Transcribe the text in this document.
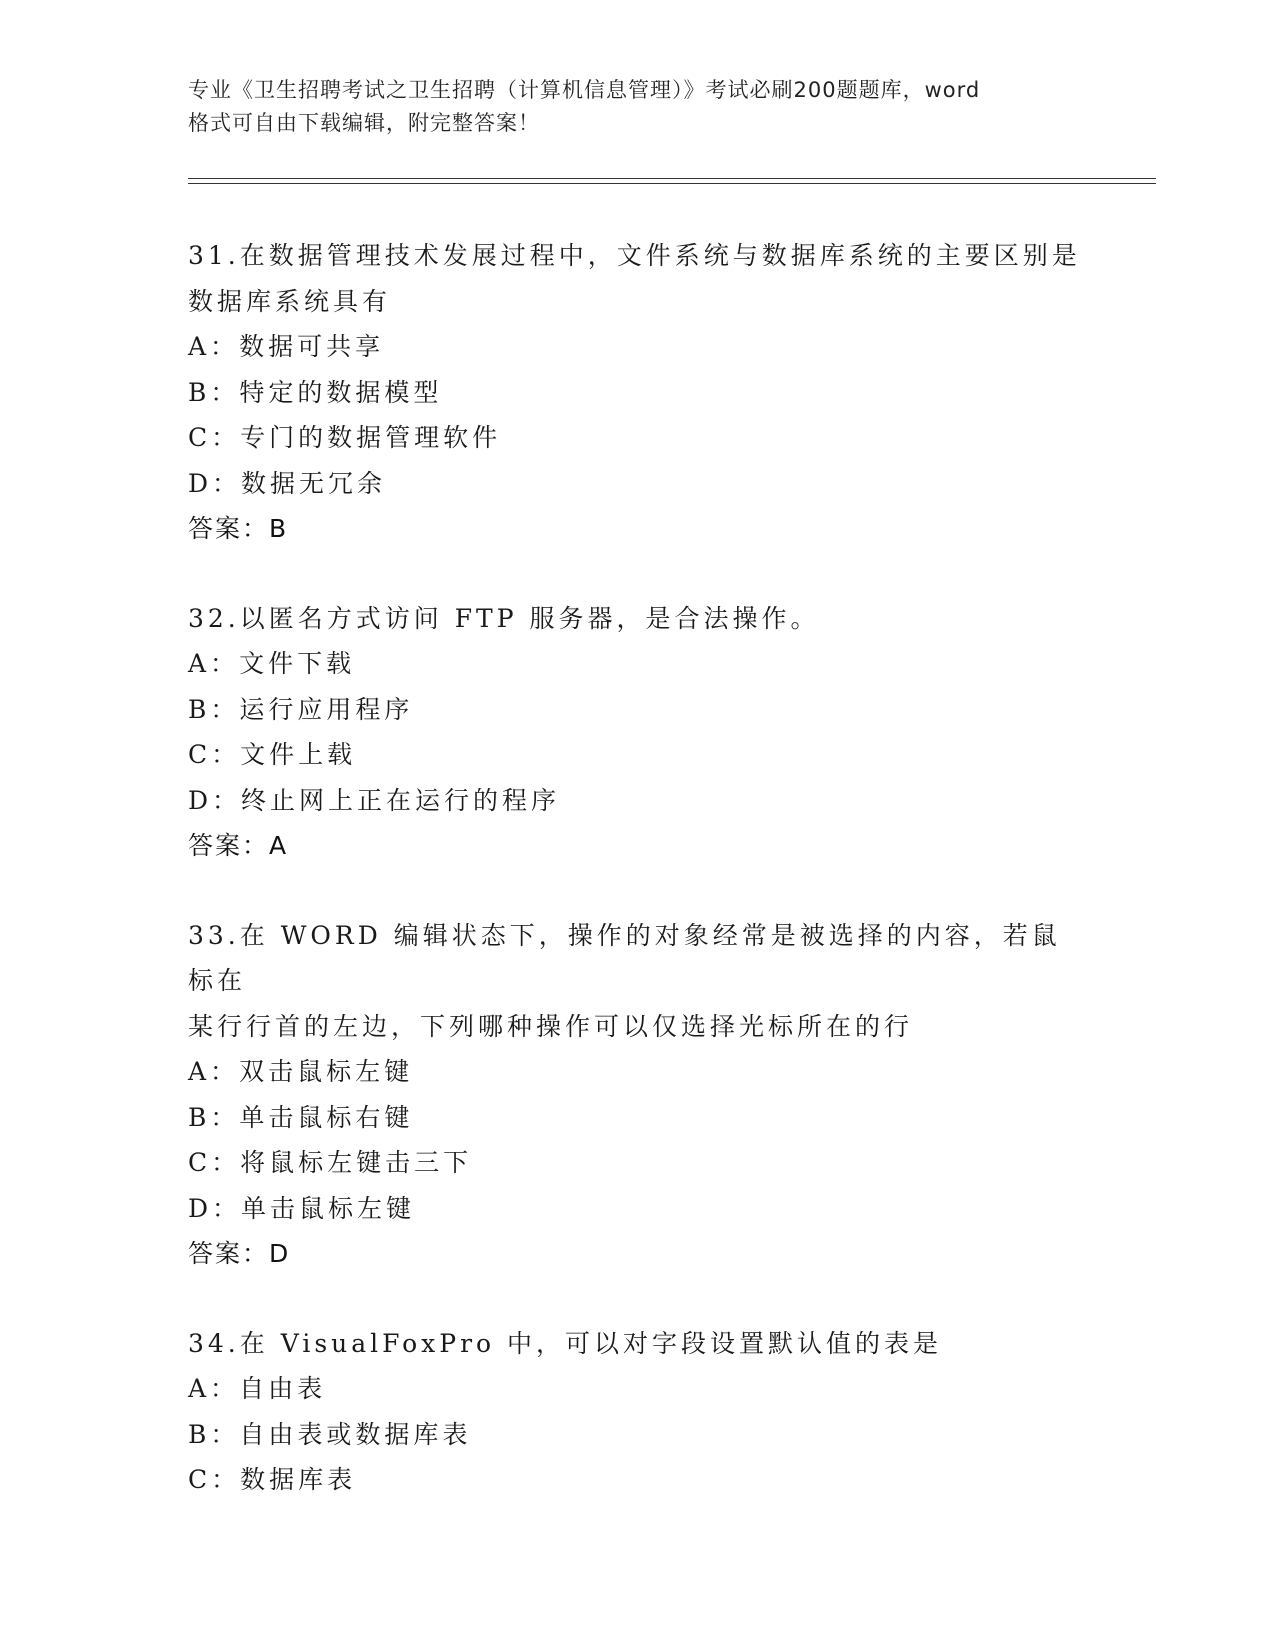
专业《卫生招聘考试之卫生招聘（计算机信息管理）》考试必刷200题题库，word
格式可自由下载编辑，附完整答案！
31.在数据管理技术发展过程中，文件系统与数据库系统的主要区别是
数据库系统具有
A： 数据可共享
B： 特定的数据模型
C： 专门的数据管理软件
D： 数据无冗余
答案：B
32.以匿名方式访问 FTP 服务器，是合法操作。
A： 文件下载
B： 运行应用程序
C： 文件上载
D： 终止网上正在运行的程序
答案：A
33.在 WORD 编辑状态下，操作的对象经常是被选择的内容，若鼠标在
某行行首的左边，下列哪种操作可以仅选择光标所在的行
A： 双击鼠标左键
B： 单击鼠标右键
C： 将鼠标左键击三下
D： 单击鼠标左键
答案：D
34.在 VisualFoxPro 中，可以对字段设置默认值的表是
A： 自由表
B： 自由表或数据库表
C： 数据库表
